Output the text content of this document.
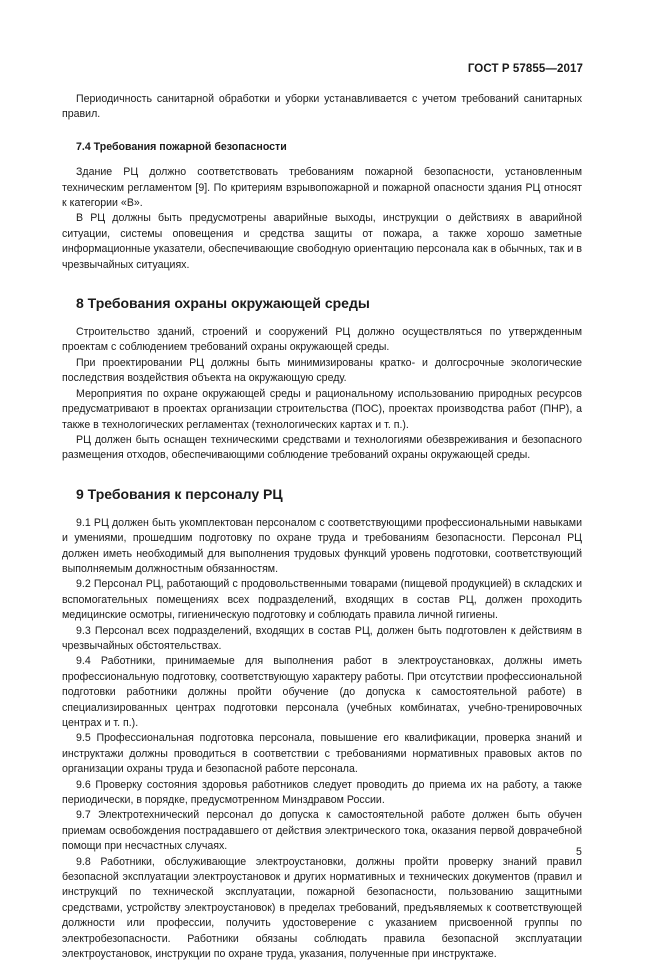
ГОСТ Р 57855—2017

Периодичность санитарной обработки и уборки устанавливается с учетом требований санитарных правил.

7.4 Требования пожарной безопасности

Здание РЦ должно соответствовать требованиям пожарной безопасности, установленным техническим регламентом [9]. По критериям взрывопожарной и пожарной опасности здания РЦ относят к категории «В».

В РЦ должны быть предусмотрены аварийные выходы, инструкции о действиях в аварийной ситуации, системы оповещения и средства защиты от пожара, а также хорошо заметные информационные указатели, обеспечивающие свободную ориентацию персонала как в обычных, так и в чрезвычайных ситуациях.

8 Требования охраны окружающей среды

Строительство зданий, строений и сооружений РЦ должно осуществляться по утвержденным проектам с соблюдением требований охраны окружающей среды.

При проектировании РЦ должны быть минимизированы кратко- и долгосрочные экологические последствия воздействия объекта на окружающую среду.

Мероприятия по охране окружающей среды и рациональному использованию природных ресурсов предусматривают в проектах организации строительства (ПОС), проектах производства работ (ПНР), а также в технологических регламентах (технологических картах и т. п.).

РЦ должен быть оснащен техническими средствами и технологиями обезвреживания и безопасного размещения отходов, обеспечивающими соблюдение требований охраны окружающей среды.

9 Требования к персоналу РЦ

9.1 РЦ должен быть укомплектован персоналом с соответствующими профессиональными навыками и умениями, прошедшим подготовку по охране труда и требованиям безопасности. Персонал РЦ должен иметь необходимый для выполнения трудовых функций уровень подготовки, соответствующий выполняемым должностным обязанностям.

9.2 Персонал РЦ, работающий с продовольственными товарами (пищевой продукцией) в складских и вспомогательных помещениях всех подразделений, входящих в состав РЦ, должен проходить медицинские осмотры, гигиеническую подготовку и соблюдать правила личной гигиены.

9.3 Персонал всех подразделений, входящих в состав РЦ, должен быть подготовлен к действиям в чрезвычайных обстоятельствах.

9.4 Работники, принимаемые для выполнения работ в электроустановках, должны иметь профессиональную подготовку, соответствующую характеру работы. При отсутствии профессиональной подготовки работники должны пройти обучение (до допуска к самостоятельной работе) в специализированных центрах подготовки персонала (учебных комбинатах, учебно-тренировочных центрах и т. п.).

9.5 Профессиональная подготовка персонала, повышение его квалификации, проверка знаний и инструктажи должны проводиться в соответствии с требованиями нормативных правовых актов по организации охраны труда и безопасной работе персонала.

9.6 Проверку состояния здоровья работников следует проводить до приема их на работу, а также периодически, в порядке, предусмотренном Минздравом России.

9.7 Электротехнический персонал до допуска к самостоятельной работе должен быть обучен приемам освобождения пострадавшего от действия электрического тока, оказания первой доврачебной помощи при несчастных случаях.

9.8 Работники, обслуживающие электроустановки, должны пройти проверку знаний правил безопасной эксплуатации электроустановок и других нормативных и технических документов (правил и инструкций по технической эксплуатации, пожарной безопасности, пользованию защитными средствами, устройству электроустановок) в пределах требований, предъявляемых к соответствующей должности или профессии, получить удостоверение с указанием присвоенной группы по электробезопасности. Работники обязаны соблюдать правила безопасной эксплуатации электроустановок, инструкции по охране труда, указания, полученные при инструктаже.

5
